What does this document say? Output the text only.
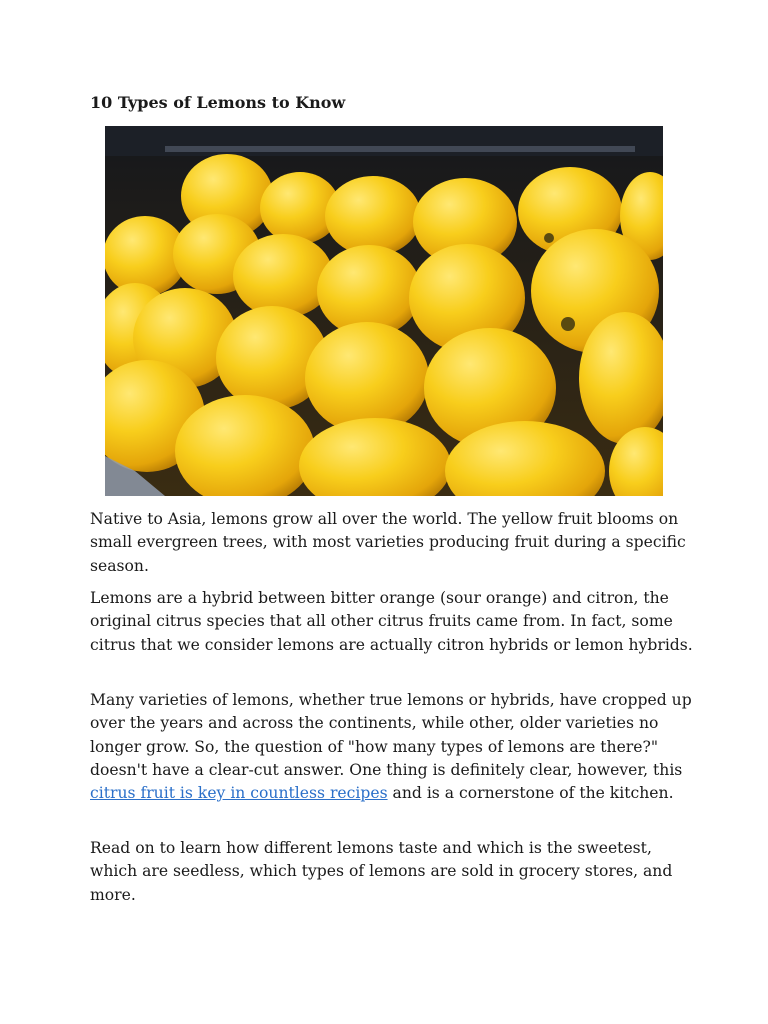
10 Types of Lemons to Know

Native to Asia, lemons grow all over the world. The yellow fruit blooms on small evergreen trees, with most varieties producing fruit during a specific season.

Lemons are a hybrid between bitter orange (sour orange) and citron, the original citrus species that all other citrus fruits came from. In fact, some citrus that we consider lemons are actually citron hybrids or lemon hybrids.

Many varieties of lemons, whether true lemons or hybrids, have cropped up over the years and across the continents, while other, older varieties no longer grow. So, the question of "how many types of lemons are there?" doesn't have a clear-cut answer. One thing is definitely clear, however, this citrus fruit is key in countless recipes and is a cornerstone of the kitchen.

Read on to learn how different lemons taste and which is the sweetest, which are seedless, which types of lemons are sold in grocery stores, and more.
